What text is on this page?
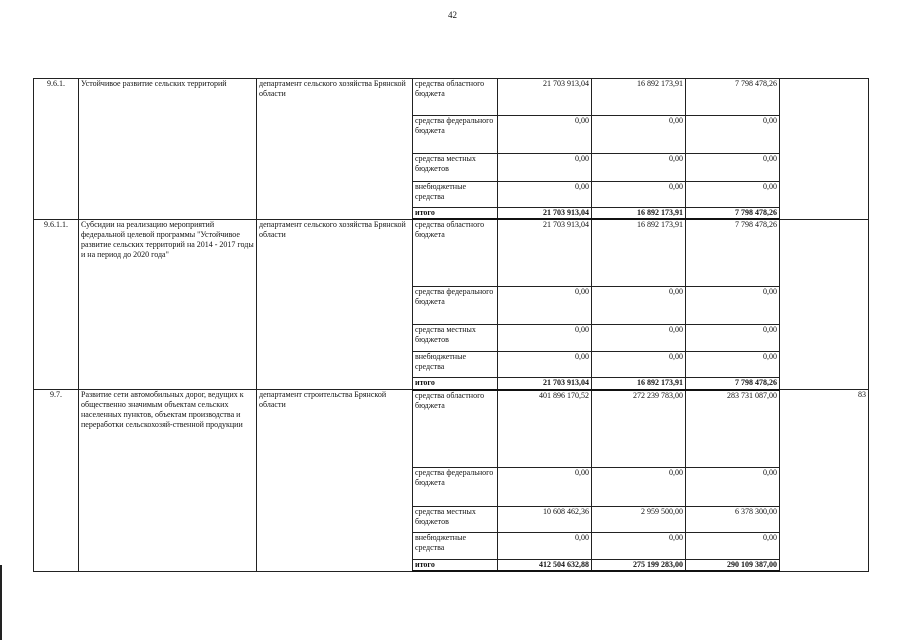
42
9.6.1.	Устойчивое развитие сельских территорий	департамент сельского хозяйства Брянской области	средства областного бюджета	21 703 913,04	16 892 173,91	7 798 478,26	
			средства федерального бюджета	0,00	0,00	0,00	
			средства местных бюджетов	0,00	0,00	0,00	
			внебюджетные средства	0,00	0,00	0,00	
			итого	21 703 913,04	16 892 173,91	7 798 478,26	
9.6.1.1.	Субсидии на реализацию мероприятий федеральной целевой программы "Устойчивое развитие сельских территорий на 2014 - 2017 годы и на период до 2020 года"	департамент сельского хозяйства Брянской области	средства областного бюджета	21 703 913,04	16 892 173,91	7 798 478,26	
			средства федерального бюджета	0,00	0,00	0,00	
			средства местных бюджетов	0,00	0,00	0,00	
			внебюджетные средства	0,00	0,00	0,00	
			итого	21 703 913,04	16 892 173,91	7 798 478,26	
9.7.	Развитие сети автомобильных дорог, ведущих к общественно значимым объектам сельских населенных пунктов, объектам производства и переработки сельскохозяй-ственной продукции	департамент строительства Брянской области	средства областного бюджета	401 896 170,52	272 239 783,00	283 731 087,00	83
			средства федерального бюджета	0,00	0,00	0,00	
			средства местных бюджетов	10 608 462,36	2 959 500,00	6 378 300,00	
			внебюджетные средства	0,00	0,00	0,00	
			итого	412 504 632,88	275 199 283,00	290 109 387,00	
